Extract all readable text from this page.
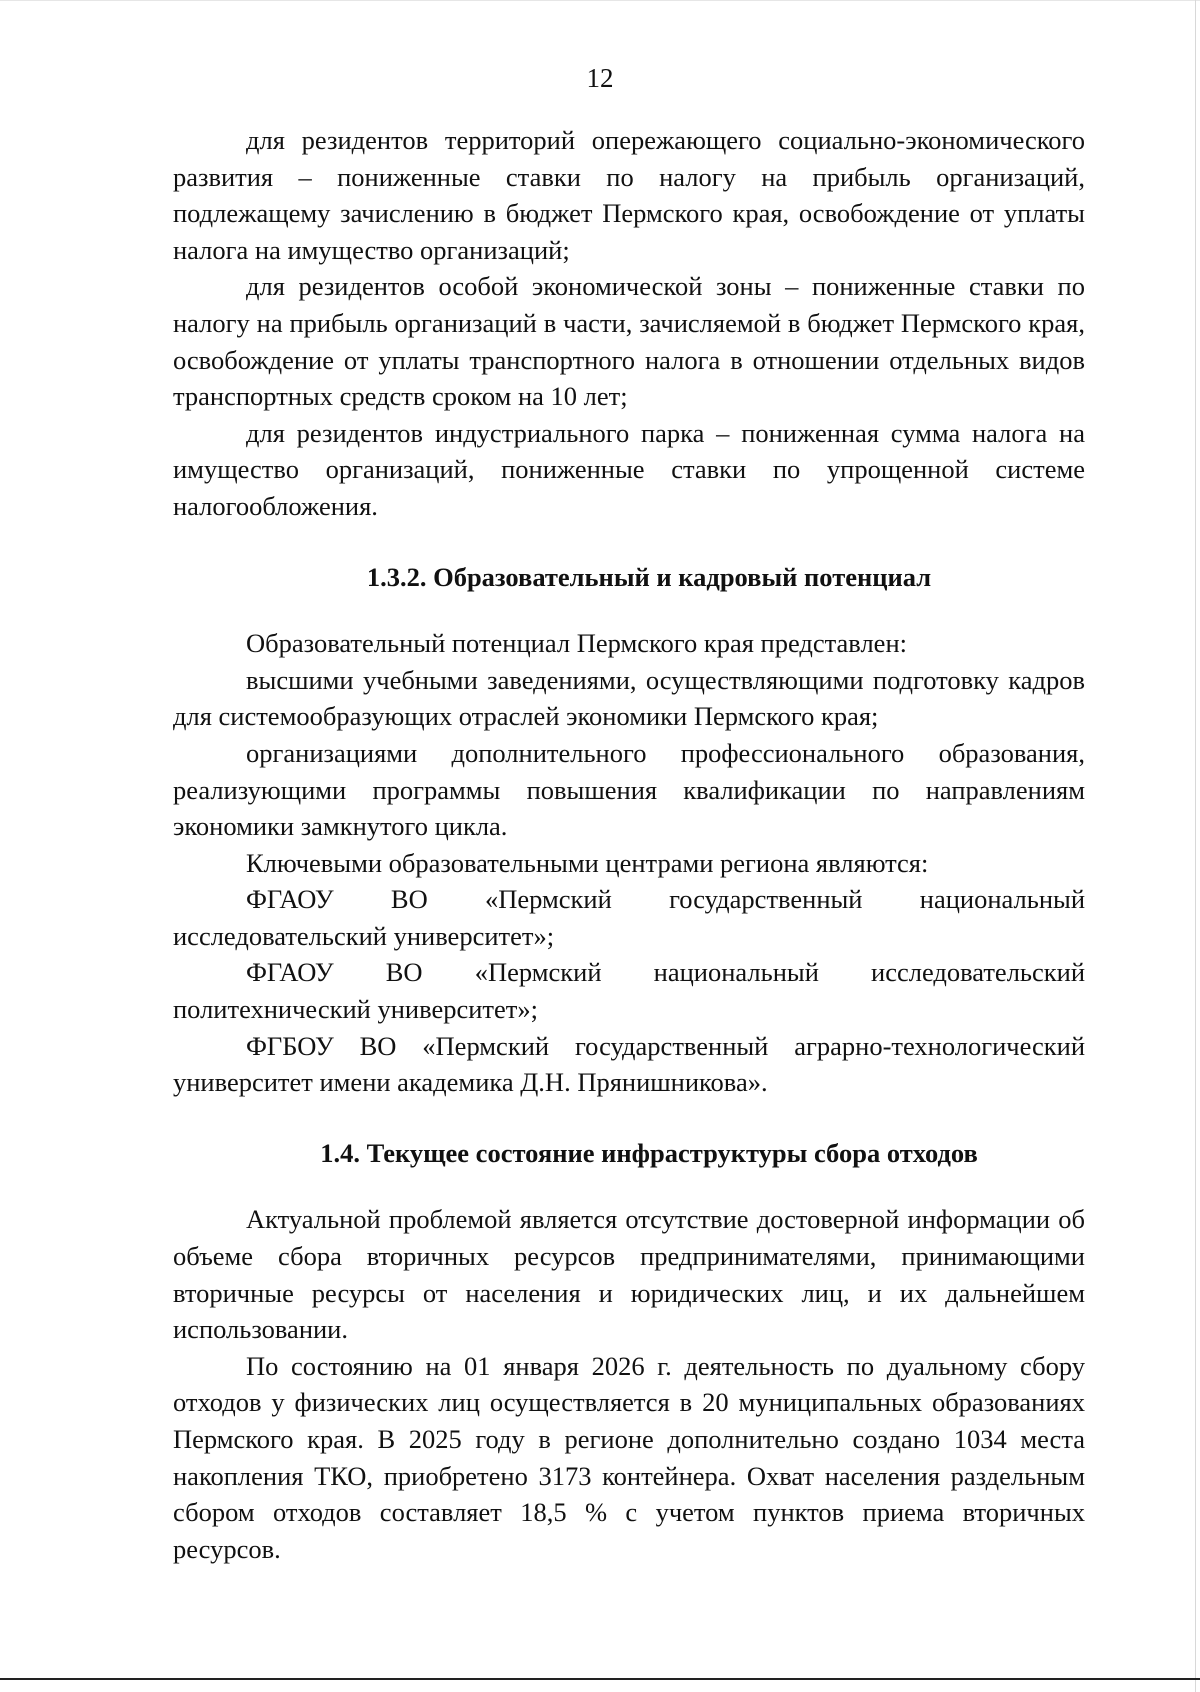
12

для резидентов территорий опережающего социально-экономического развития – пониженные ставки по налогу на прибыль организаций, подлежащему зачислению в бюджет Пермского края, освобождение от уплаты налога на имущество организаций;

для резидентов особой экономической зоны – пониженные ставки по налогу на прибыль организаций в части, зачисляемой в бюджет Пермского края, освобождение от уплаты транспортного налога в отношении отдельных видов транспортных средств сроком на 10 лет;

для резидентов индустриального парка – пониженная сумма налога на имущество организаций, пониженные ставки по упрощенной системе налогообложения.

1.3.2. Образовательный и кадровый потенциал

Образовательный потенциал Пермского края представлен:

высшими учебными заведениями, осуществляющими подготовку кадров для системообразующих отраслей экономики Пермского края;

организациями дополнительного профессионального образования, реализующими программы повышения квалификации по направлениям экономики замкнутого цикла.

Ключевыми образовательными центрами региона являются:

ФГАОУ ВО «Пермский государственный национальный исследовательский университет»;

ФГАОУ ВО «Пермский национальный исследовательский политехнический университет»;

ФГБОУ ВО «Пермский государственный аграрно-технологический университет имени академика Д.Н. Прянишникова».

1.4. Текущее состояние инфраструктуры сбора отходов

Актуальной проблемой является отсутствие достоверной информации об объеме сбора вторичных ресурсов предпринимателями, принимающими вторичные ресурсы от населения и юридических лиц, и их дальнейшем использовании.

По состоянию на 01 января 2026 г. деятельность по дуальному сбору отходов у физических лиц осуществляется в 20 муниципальных образованиях Пермского края. В 2025 году в регионе дополнительно создано 1034 места накопления ТКО, приобретено 3173 контейнера. Охват населения раздельным сбором отходов составляет 18,5 % с учетом пунктов приема вторичных ресурсов.
